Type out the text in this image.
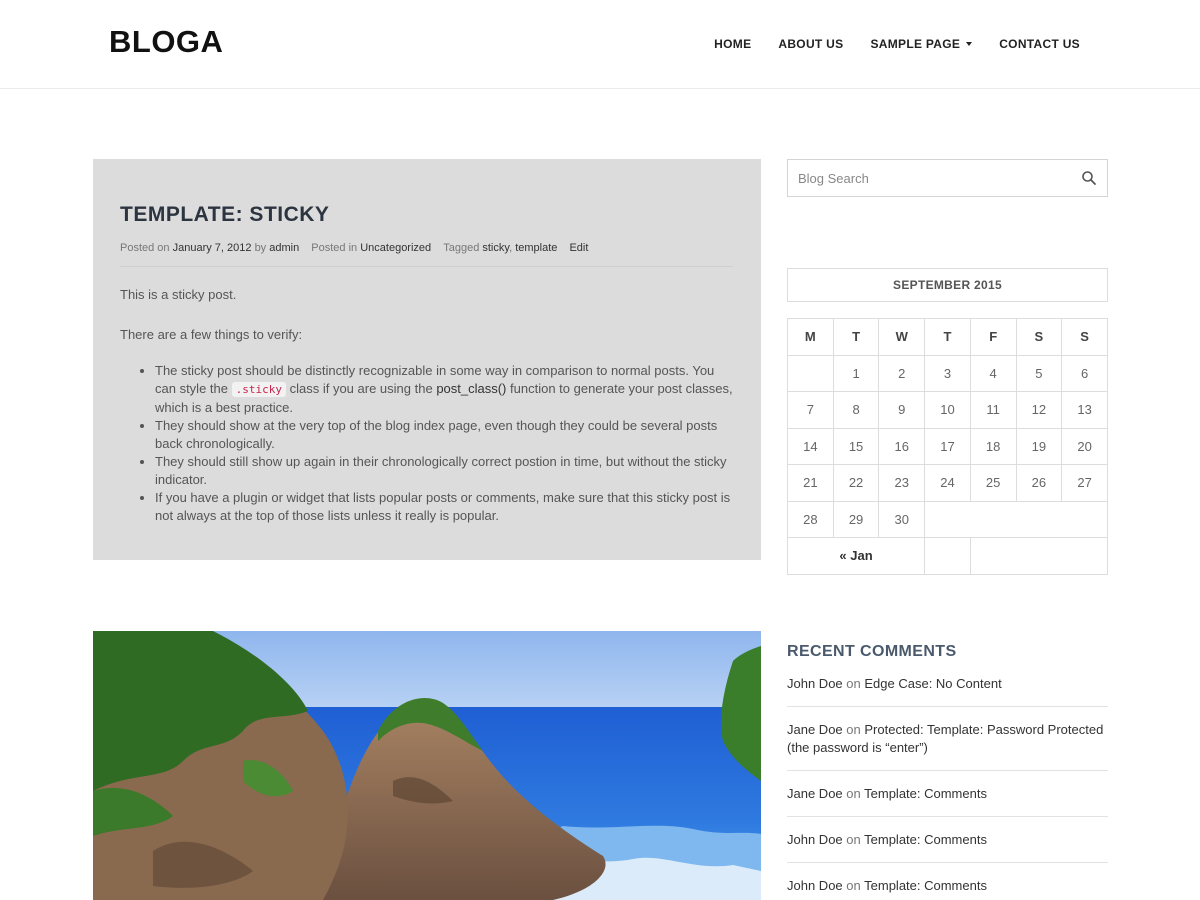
BLOGA	HOME ABOUT US SAMPLE PAGE	CONTACT US
TEMPLATE: STICKY
Posted on January 7, 2012 by admin Posted in Uncategorized Tagged sticky, template Edit

This is a sticky post.

There are a few things to verify:

• The sticky post should be distinctly recognizable in some way in comparison to normal posts. You can style the .sticky class if you are using the post_class() function to generate your post classes, which is a best practice.
• They should show at the very top of the blog index page, even though they could be several posts back chronologically.
• They should still show up again in their chronologically correct postion in time, but without the sticky indicator.
• If you have a plugin or widget that lists popular posts or comments, make sure that this sticky post is not always at the top of those lists unless it really is popular.
Blog Search
SEPTEMBER 2015
M	T	W	T	F	S	S
	1	2	3	4	5	6
7	8	9	10	11	12	13
14	15	16	17	18	19	20
21	22	23	24	25	26	27
28	29	30				
« Jan						
RECENT COMMENTS
John Doe on Edge Case: No Content
Jane Doe on Protected: Template: Password Protected (the password is “enter”)
Jane Doe on Template: Comments
John Doe on Template: Comments
John Doe on Template: Comments
